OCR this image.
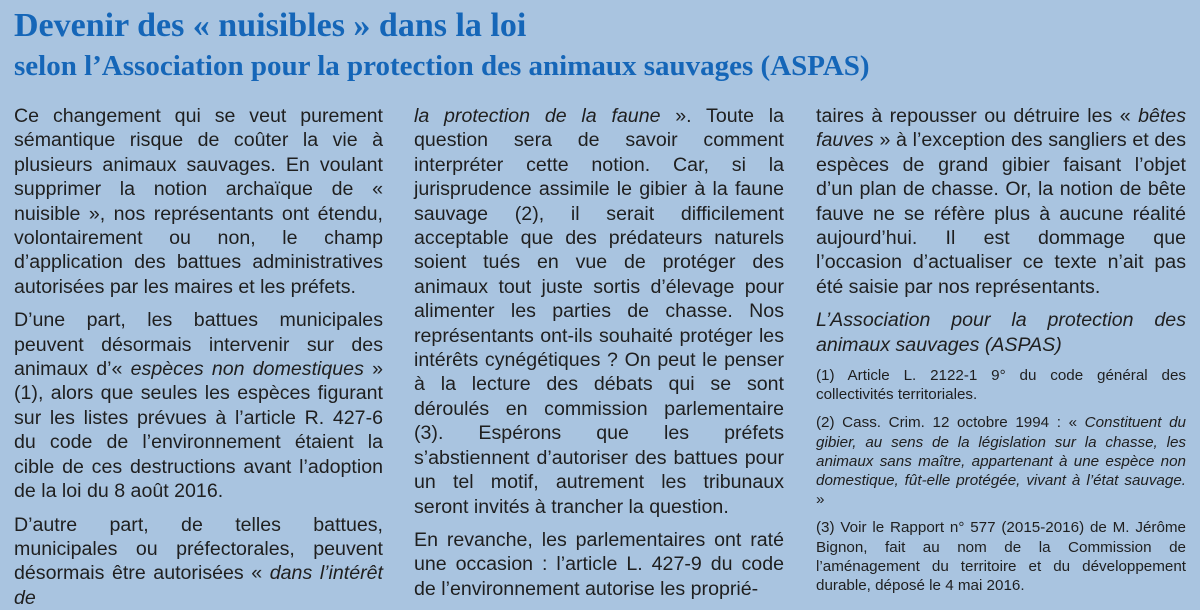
Devenir des « nuisibles » dans la loi
selon l’Association pour la protection des animaux sauvages (ASPAS)

Ce changement qui se veut purement sémantique risque de coûter la vie à plusieurs animaux sauvages. En voulant supprimer la notion archaïque de « nuisible », nos représentants ont étendu, volontairement ou non, le champ d’application des battues administratives autorisées par les maires et les préfets.

D’une part, les battues municipales peuvent désormais intervenir sur des animaux d’« espèces non domestiques » (1), alors que seules les espèces figurant sur les listes prévues à l’article R. 427-6 du code de l’environnement étaient la cible de ces destructions avant l’adoption de la loi du 8 août 2016.

D’autre part, de telles battues, municipales ou préfectorales, peuvent désormais être autorisées « dans l’intérêt de

la protection de la faune ». Toute la question sera de savoir comment interpréter cette notion. Car, si la jurisprudence assimile le gibier à la faune sauvage (2), il serait difficilement acceptable que des prédateurs naturels soient tués en vue de protéger des animaux tout juste sortis d’élevage pour alimenter les parties de chasse. Nos représentants ont-ils souhaité protéger les intérêts cynégétiques ? On peut le penser à la lecture des débats qui se sont déroulés en commission parlementaire (3). Espérons que les préfets s’abstiennent d’autoriser des battues pour un tel motif, autrement les tribunaux seront invités à trancher la question.

En revanche, les parlementaires ont raté une occasion : l’article L. 427-9 du code de l’environnement autorise les proprié-

taires à repousser ou détruire les « bêtes fauves » à l’exception des sangliers et des espèces de grand gibier faisant l’objet d’un plan de chasse. Or, la notion de bête fauve ne se réfère plus à aucune réalité aujourd’hui. Il est dommage que l’occasion d’actualiser ce texte n’ait pas été saisie par nos représentants.

L’Association pour la protection des animaux sauvages (ASPAS)

(1) Article L. 2122-1 9° du code général des collectivités territoriales.

(2) Cass. Crim. 12 octobre 1994 : « Constituent du gibier, au sens de la législation sur la chasse, les animaux sans maître, appartenant à une espèce non domestique, fût-elle protégée, vivant à l’état sauvage. »

(3) Voir le Rapport n° 577 (2015-2016) de M. Jérôme Bignon, fait au nom de la Commission de l’aménagement du territoire et du développement durable, déposé le 4 mai 2016.
